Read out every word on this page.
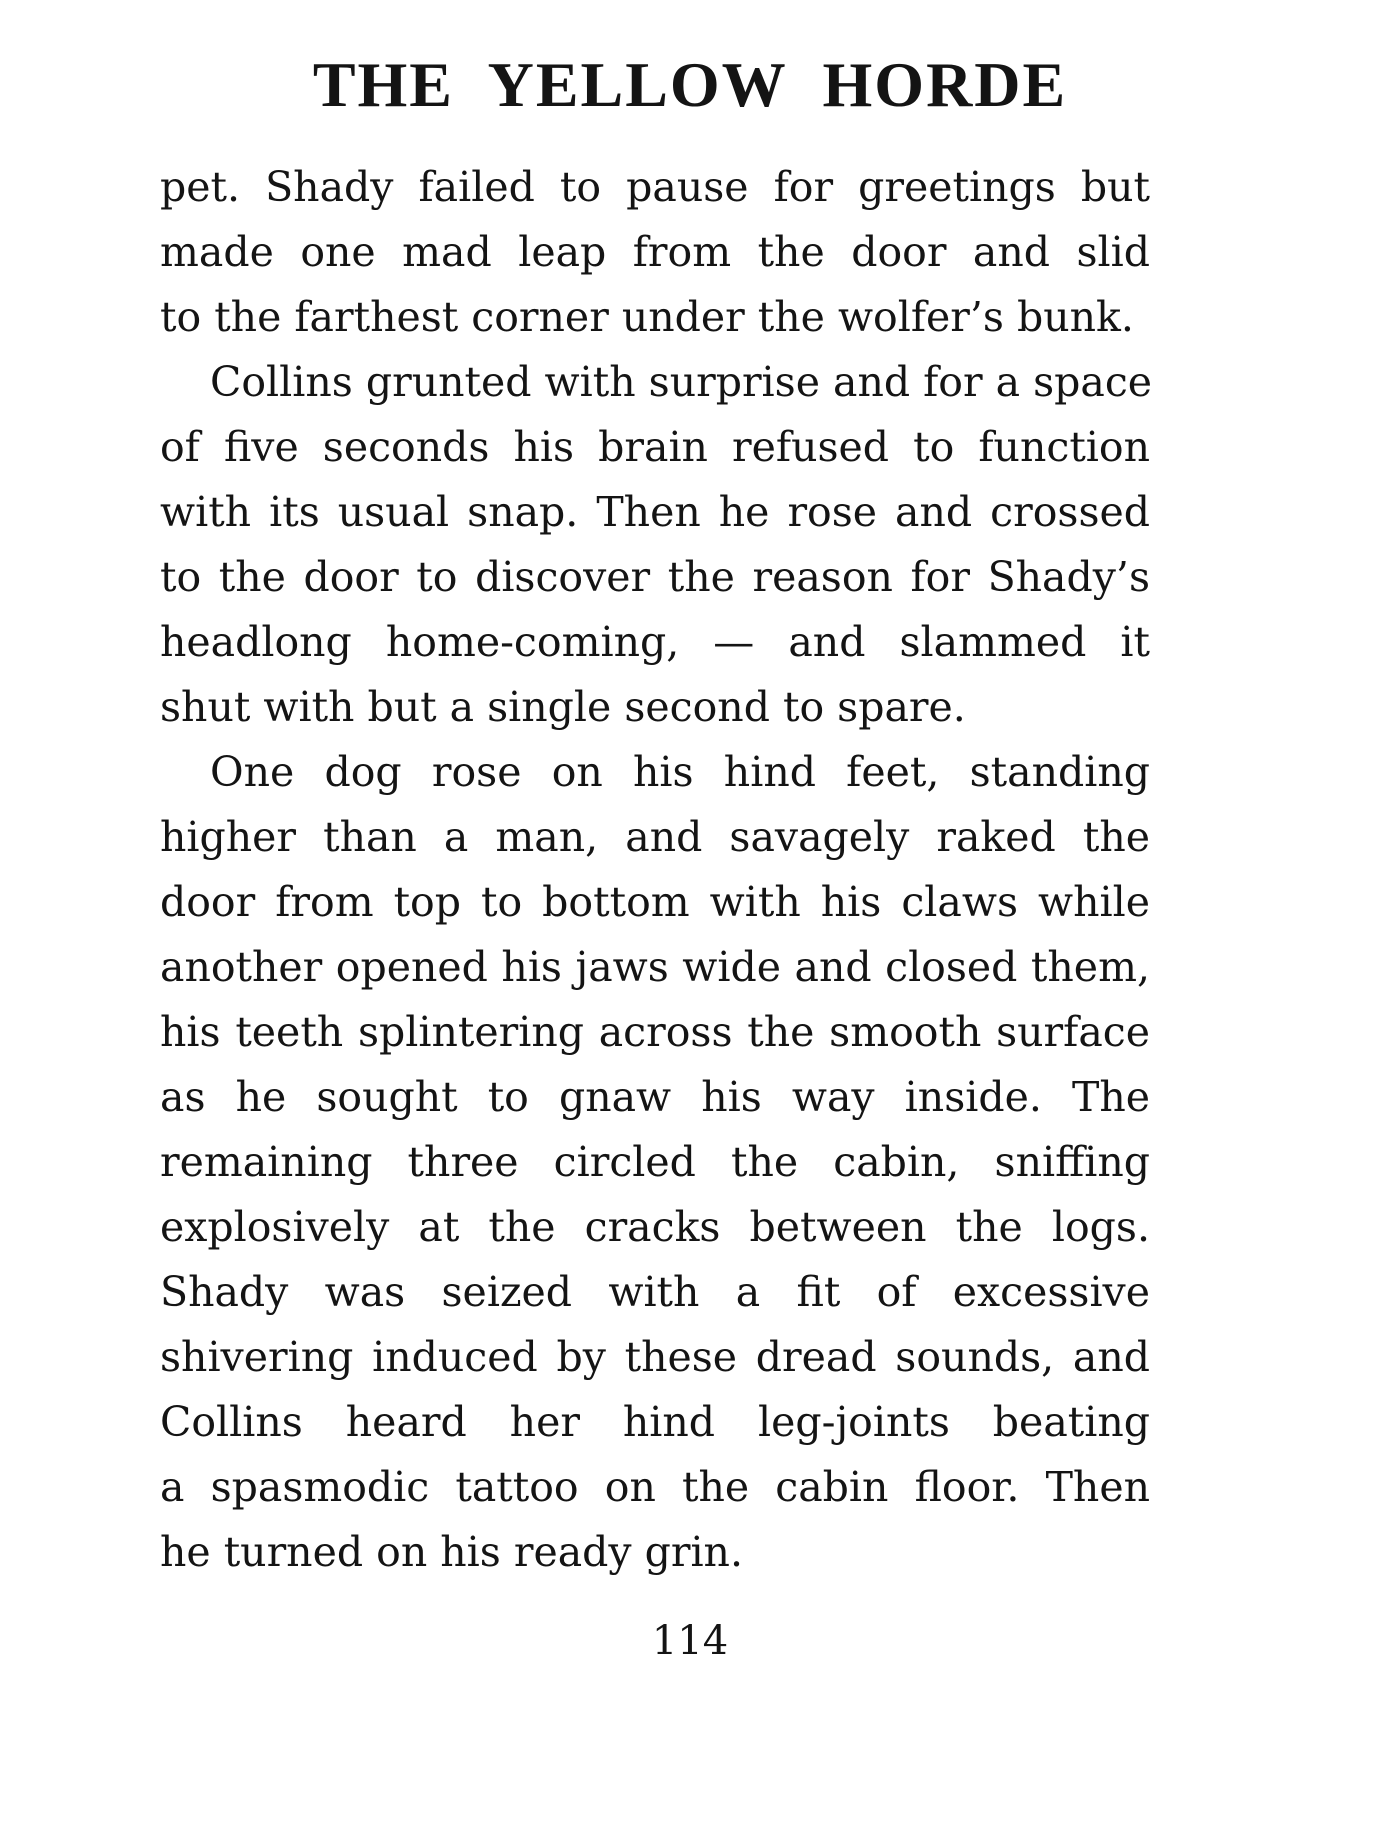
THE YELLOW HORDE
pet. Shady failed to pause for greetings but
made one mad leap from the door and slid
to the farthest corner under the wolfer’s bunk.
Collins grunted with surprise and for a space
of five seconds his brain refused to function
with its usual snap. Then he rose and crossed
to the door to discover the reason for Shady’s
headlong home-coming, — and slammed it
shut with but a single second to spare.
One dog rose on his hind feet, standing
higher than a man, and savagely raked the
door from top to bottom with his claws while
another opened his jaws wide and closed them,
his teeth splintering across the smooth surface
as he sought to gnaw his way inside. The
remaining three circled the cabin, sniffing
explosively at the cracks between the logs.
Shady was seized with a fit of excessive
shivering induced by these dread sounds, and
Collins heard her hind leg-joints beating
a spasmodic tattoo on the cabin floor. Then
he turned on his ready grin.
114
